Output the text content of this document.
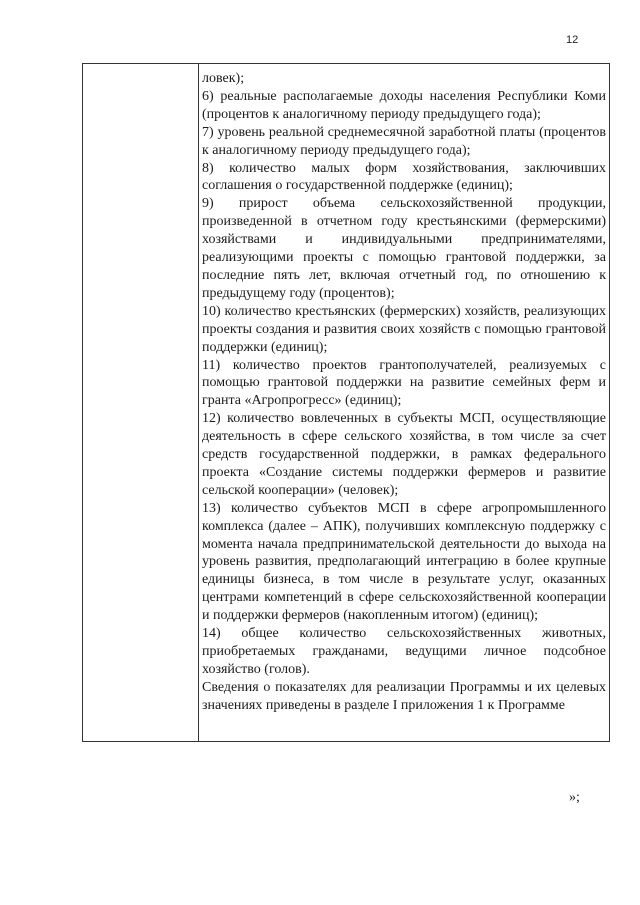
12

ловек);

6) реальные располагаемые доходы населения Республики Коми (процентов к аналогичному периоду предыдущего года);

7) уровень реальной среднемесячной заработной платы (процентов к аналогичному периоду предыдущего года);

8) количество малых форм хозяйствования, заключивших соглашения о государственной поддержке (единиц);

9) прирост объема сельскохозяйственной продукции, произведенной в отчетном году крестьянскими (фермерскими) хозяйствами и индивидуальными предпринимателями, реализующими проекты с помощью грантовой поддержки, за последние пять лет, включая отчетный год, по отношению к предыдущему году (процентов);

10) количество крестьянских (фермерских) хозяйств, реализующих проекты создания и развития своих хозяйств с помощью грантовой поддержки (единиц);

11) количество проектов грантополучателей, реализуемых с помощью грантовой поддержки на развитие семейных ферм и гранта «Агропрогресс» (единиц);

12) количество вовлеченных в субъекты МСП, осуществляющие деятельность в сфере сельского хозяйства, в том числе за счет средств государственной поддержки, в рамках федерального проекта «Создание системы поддержки фермеров и развитие сельской кооперации» (человек);

13) количество субъектов МСП в сфере агропромышленного комплекса (далее – АПК), получивших комплексную поддержку с момента начала предпринимательской деятельности до выхода на уровень развития, предполагающий интеграцию в более крупные единицы бизнеса, в том числе в результате услуг, оказанных центрами компетенций в сфере сельскохозяйственной кооперации и поддержки фермеров (накопленным итогом) (единиц);

14) общее количество сельскохозяйственных животных, приобретаемых гражданами, ведущими личное подсобное хозяйство (голов).

Сведения о показателях для реализации Программы и их целевых значениях приведены в разделе I приложения 1 к Программе

»;
